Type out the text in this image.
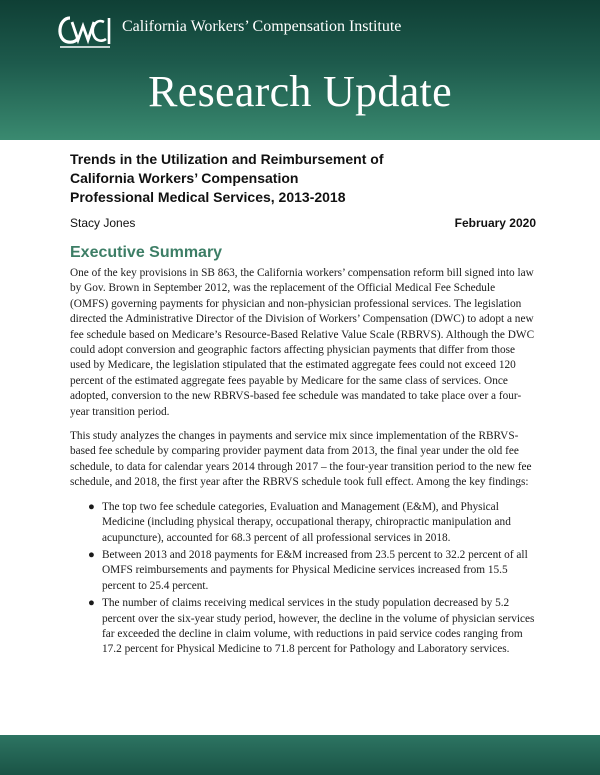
California Workers’ Compensation Institute
Research Update
Trends in the Utilization and Reimbursement of
California Workers’ Compensation
Professional Medical Services, 2013-2018
Stacy Jones	February 2020
Executive Summary

One of the key provisions in SB 863, the California workers’ compensation reform bill signed into law by Gov. Brown in September 2012, was the replacement of the Official Medical Fee Schedule (OMFS) governing payments for physician and non-physician professional services. The legislation directed the Administrative Director of the Division of Workers’ Compensation (DWC) to adopt a new fee schedule based on Medicare’s Resource-Based Relative Value Scale (RBRVS). Although the DWC could adopt conversion and geographic factors affecting physician payments that differ from those used by Medicare, the legislation stipulated that the estimated aggregate fees could not exceed 120 percent of the estimated aggregate fees payable by Medicare for the same class of services. Once adopted, conversion to the new RBRVS-based fee schedule was mandated to take place over a four-year transition period.

This study analyzes the changes in payments and service mix since implementation of the RBRVS-based fee schedule by comparing provider payment data from 2013, the final year under the old fee schedule, to data for calendar years 2014 through 2017 – the four-year transition period to the new fee schedule, and 2018, the first year after the RBRVS schedule took full effect. Among the key findings:

● The top two fee schedule categories, Evaluation and Management (E&M), and Physical Medicine (including physical therapy, occupational therapy, chiropractic manipulation and acupuncture), accounted for 68.3 percent of all professional services in 2018.
● Between 2013 and 2018 payments for E&M increased from 23.5 percent to 32.2 percent of all OMFS reimbursements and payments for Physical Medicine services increased from 15.5 percent to 25.4 percent.
● The number of claims receiving medical services in the study population decreased by 5.2 percent over the six-year study period, however, the decline in the volume of physician services far exceeded the decline in claim volume, with reductions in paid service codes ranging from 17.2 percent for Physical Medicine to 71.8 percent for Pathology and Laboratory services.
